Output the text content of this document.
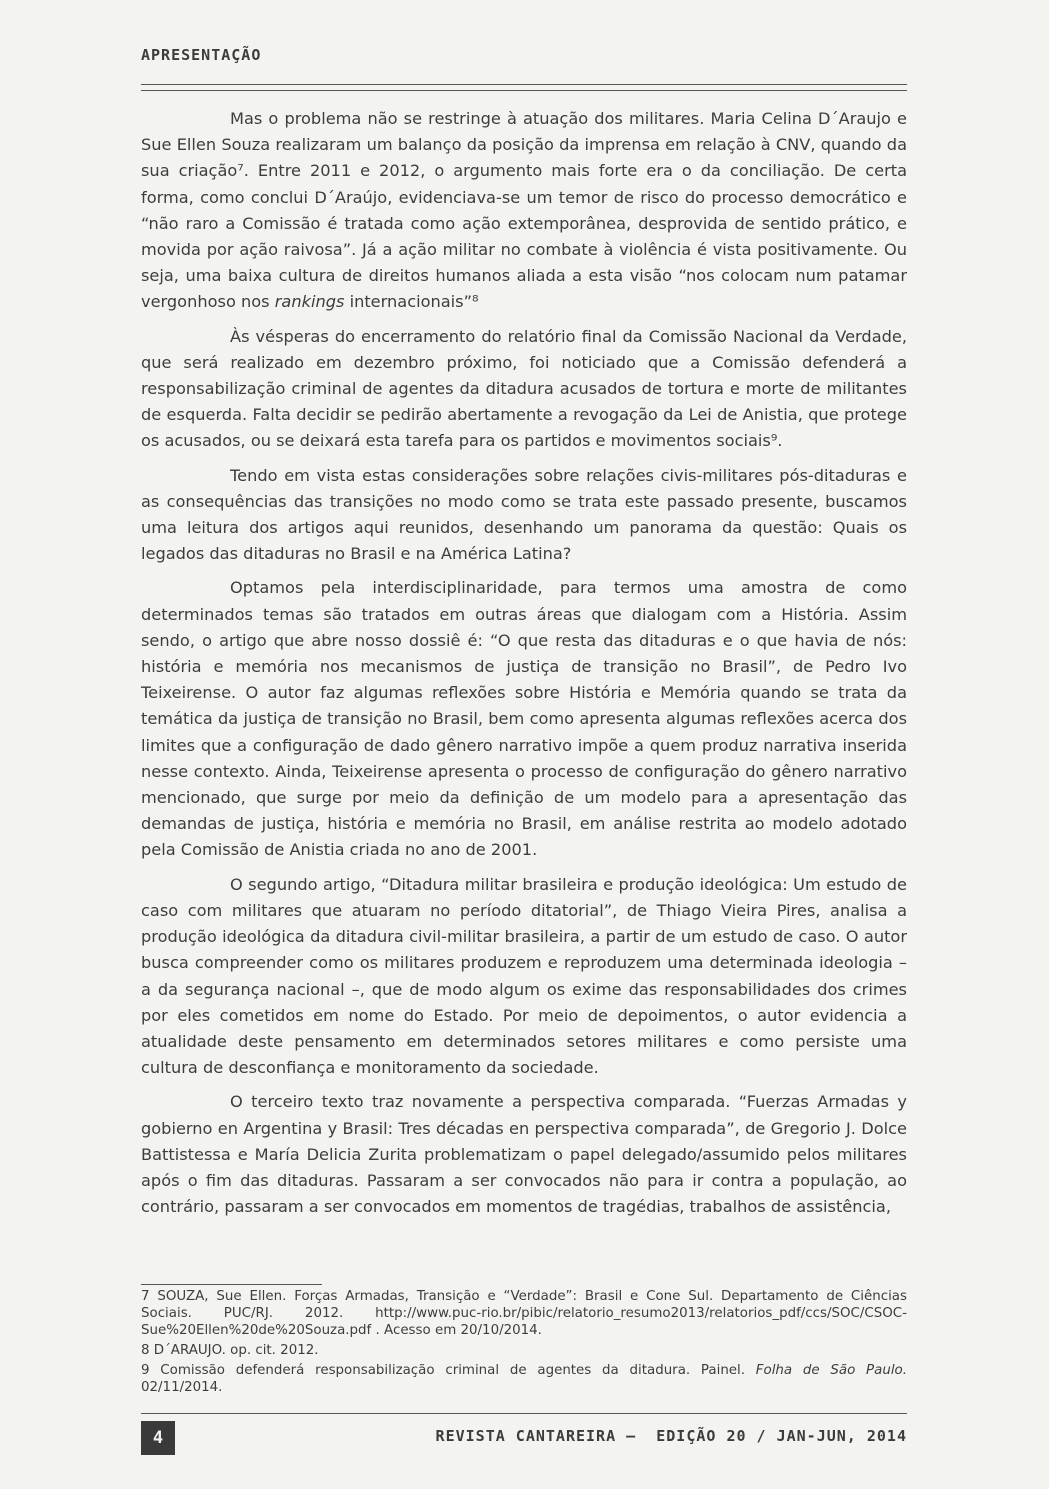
APRESENTAÇÃO

Mas o problema não se restringe à atuação dos militares. Maria Celina D´Araujo e Sue Ellen Souza realizaram um balanço da posição da imprensa em relação à CNV, quando da sua criação⁷. Entre 2011 e 2012, o argumento mais forte era o da conciliação. De certa forma, como conclui D´Araújo, evidenciava-se um temor de risco do processo democrático e “não raro a Comissão é tratada como ação extemporânea, desprovida de sentido prático, e movida por ação raivosa”. Já a ação militar no combate à violência é vista positivamente. Ou seja, uma baixa cultura de direitos humanos aliada a esta visão “nos colocam num patamar vergonhoso nos rankings internacionais”⁸

Às vésperas do encerramento do relatório final da Comissão Nacional da Verdade, que será realizado em dezembro próximo, foi noticiado que a Comissão defenderá a responsabilização criminal de agentes da ditadura acusados de tortura e morte de militantes de esquerda. Falta decidir se pedirão abertamente a revogação da Lei de Anistia, que protege os acusados, ou se deixará esta tarefa para os partidos e movimentos sociais⁹.

Tendo em vista estas considerações sobre relações civis-militares pós-ditaduras e as consequências das transições no modo como se trata este passado presente, buscamos uma leitura dos artigos aqui reunidos, desenhando um panorama da questão: Quais os legados das ditaduras no Brasil e na América Latina?

Optamos pela interdisciplinaridade, para termos uma amostra de como determinados temas são tratados em outras áreas que dialogam com a História. Assim sendo, o artigo que abre nosso dossiê é: “O que resta das ditaduras e o que havia de nós: história e memória nos mecanismos de justiça de transição no Brasil”, de Pedro Ivo Teixeirense. O autor faz algumas reflexões sobre História e Memória quando se trata da temática da justiça de transição no Brasil, bem como apresenta algumas reflexões acerca dos limites que a configuração de dado gênero narrativo impõe a quem produz narrativa inserida nesse contexto. Ainda, Teixeirense apresenta o processo de configuração do gênero narrativo mencionado, que surge por meio da definição de um modelo para a apresentação das demandas de justiça, história e memória no Brasil, em análise restrita ao modelo adotado pela Comissão de Anistia criada no ano de 2001.

O segundo artigo, “Ditadura militar brasileira e produção ideológica: Um estudo de caso com militares que atuaram no período ditatorial”, de Thiago Vieira Pires, analisa a produção ideológica da ditadura civil-militar brasileira, a partir de um estudo de caso. O autor busca compreender como os militares produzem e reproduzem uma determinada ideologia – a da segurança nacional –, que de modo algum os exime das responsabilidades dos crimes por eles cometidos em nome do Estado. Por meio de depoimentos, o autor evidencia a atualidade deste pensamento em determinados setores militares e como persiste uma cultura de desconfiança e monitoramento da sociedade.

O terceiro texto traz novamente a perspectiva comparada. “Fuerzas Armadas y gobierno en Argentina y Brasil: Tres décadas en perspectiva comparada”, de Gregorio J. Dolce Battistessa e María Delicia Zurita problematizam o papel delegado/assumido pelos militares após o fim das ditaduras. Passaram a ser convocados não para ir contra a população, ao contrário, passaram a ser convocados em momentos de tragédias, trabalhos de assistência,

7 SOUZA, Sue Ellen. Forças Armadas, Transição e “Verdade”: Brasil e Cone Sul. Departamento de Ciências Sociais. PUC/RJ. 2012. http://www.puc-rio.br/pibic/relatorio_resumo2013/relatorios_pdf/ccs/SOC/CSOC-Sue%20Ellen%20de%20Souza.pdf . Acesso em 20/10/2014.
8 D´ARAUJO. op. cit. 2012.
9 Comissão defenderá responsabilização criminal de agentes da ditadura. Painel. Folha de São Paulo. 02/11/2014.
4	REVISTA CANTAREIRA –  EDIÇÃO 20 / JAN-JUN, 2014
